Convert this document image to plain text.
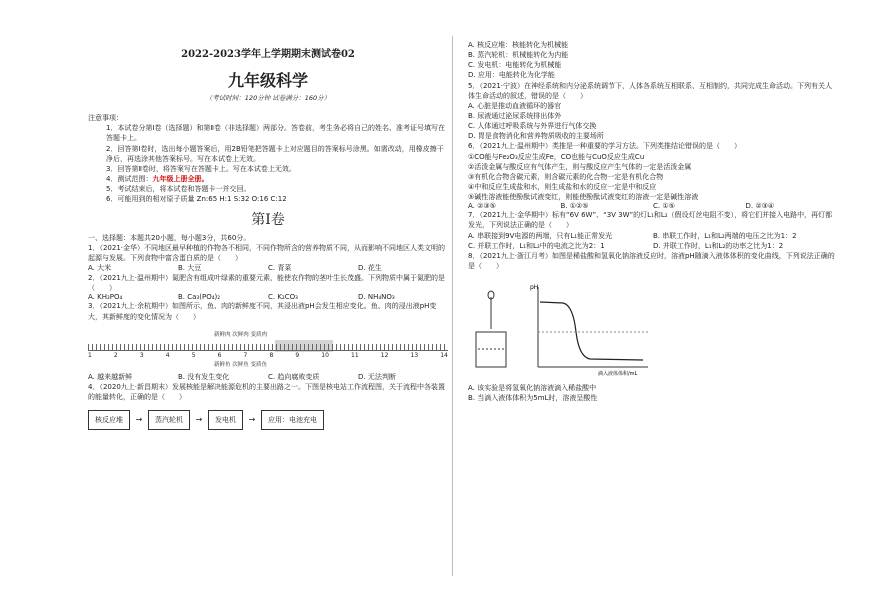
2022-2023学年上学期期末测试卷02

九年级科学

（考试时间：120分钟 试卷满分：160分）

注意事项：

1．本试卷分第Ⅰ卷（选择题）和第Ⅱ卷（非选择题）两部分。答卷前，考生务必将自己的姓名、准考证号填写在答题卡上。

2．回答第Ⅰ卷时，选出每小题答案后，用2B铅笔把答题卡上对应题目的答案标号涂黑。如需改动，用橡皮擦干净后，再选涂其他答案标号。写在本试卷上无效。

3．回答第Ⅱ卷时，将答案写在答题卡上。写在本试卷上无效。

4．测试范围：九年级上册全册。

5．考试结束后，将本试卷和答题卡一并交回。

6．可能用到的相对原子质量 Zn:65 H:1 S:32 O:16 C:12

第Ⅰ卷

一、选择题：本题共20小题，每小题3分，共60分。

1．（2021·金华）不同地区最早种植的作物各不相同，不同作物所含的营养物质不同，从而影响不同地区人类文明的起源与发展。下列食物中富含蛋白质的是（　　）

A. 大米	B. 大豆	C. 青菜	D. 花生

2．（2021九上·温州期中）氮肥含有组成叶绿素的重要元素，能使农作物的茎叶生长茂盛。下列物质中属于氮肥的是（　　）

A. KH₂PO₄	B. Ca₃(PO₄)₂	C. K₂CO₃	D. NH₄NO₃

3．（2021九上·余杭期中）如图所示，鱼、肉的新鲜度不同，其浸出液pH会发生相应变化。鱼、肉的浸出液pH变大，其新鲜度的变化情况为（　　）

新鲜肉 次鲜肉 变质肉
1	2	3	4	5	6	7	8	9	10	11	12	13	14
新鲜鱼 次鲜鱼 变质鱼
A. 越来越新鲜	B. 没有发生变化	C. 趋向腐败变质	D. 无法判断

4．（2020九上·新昌期末）发展核能是解决能源危机的主要出路之一。下图是核电站工作流程图，关于流程中各装置的能量转化，正确的是（　　）

核反应堆	→	蒸汽轮机	→	发电机	→	应用：电池充电

A. 核反应堆：核能转化为机械能

B. 蒸汽轮机：机械能转化为内能

C. 发电机：电能转化为机械能

D. 应用：电能转化为化学能

5．（2021·宁波）在神经系统和内分泌系统调节下，人体各系统互相联系、互相制约，共同完成生命活动。下列有关人体生命活动的叙述，错误的是（　　）

A. 心脏是推动血液循环的器官

B. 尿液通过泌尿系统排出体外

C. 人体通过呼吸系统与外界进行气体交换

D. 胃是食物消化和营养物质吸收的主要场所

6．（2021九上·温州期中）类推是一种重要的学习方法。下列类推结论错误的是（　　）

①CO能与Fe₂O₃反应生成Fe，CO也能与CuO反应生成Cu

②活泼金属与酸反应有气体产生，则与酸反应产生气体的一定是活泼金属

③有机化合物含碳元素，则含碳元素的化合物一定是有机化合物

④中和反应生成盐和水，则生成盐和水的反应一定是中和反应

⑤碱性溶液能使酚酞试液变红，则能使酚酞试液变红的溶液一定是碱性溶液

A. ②③⑤	B. ①②⑤	C. ①⑤	D. ②③④

7．（2021九上·金华期中）标有“6V 6W”、“3V 3W”的灯L₁和L₂（假设灯丝电阻不变），将它们并接入电路中，再灯都发光，下列说法正确的是（　　）

A. 串联接到9V电源的两端，只有L₁能正常发光	B. 串联工作时，L₁和L₂两端的电压之比为1：2
C. 并联工作时，L₁和L₂中的电流之比为2：1	D. 并联工作时，L₁和L₂的功率之比为1：2

8．（2021九上·浙江月考）如图是稀盐酸和氢氧化钠溶液反应时，溶液pH随滴入液体体积的变化曲线，下列说法正确的是（　　）

pH
滴入液体体积/mL

A. 该实验是将氢氧化钠溶液滴入稀盐酸中

B. 当滴入液体体积为5mL时，溶液呈酸性
